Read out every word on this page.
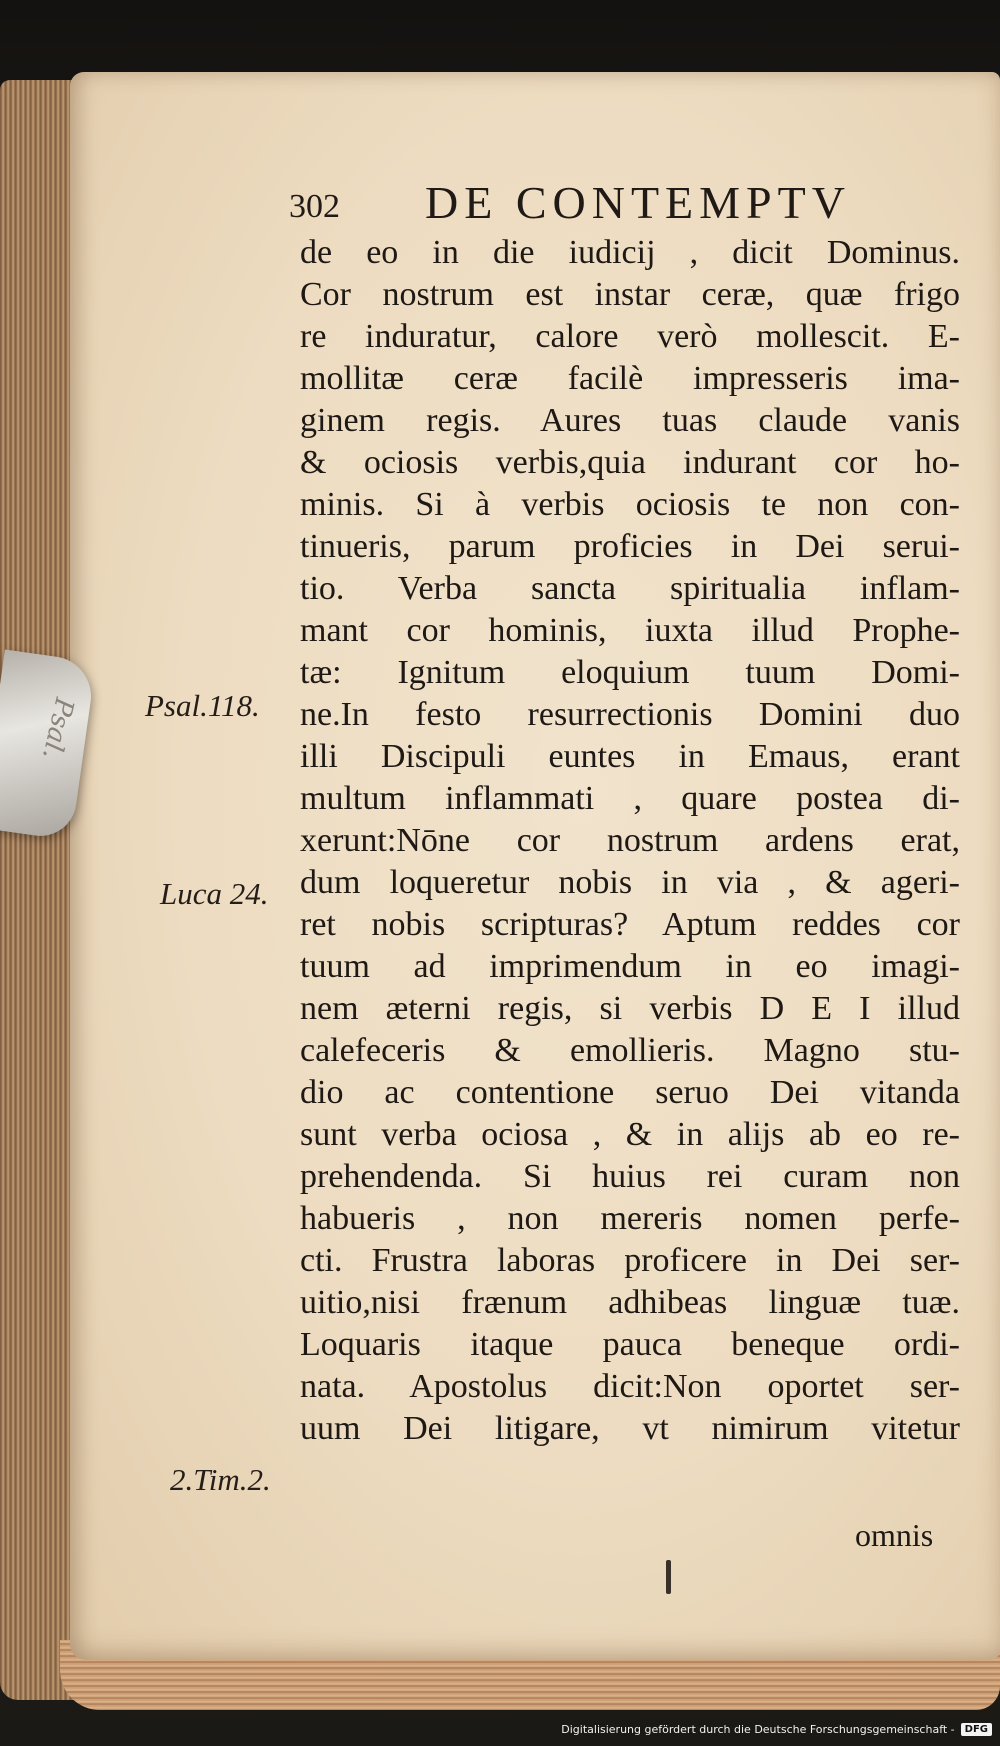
Psal.
302 DE CONTEMPTV
de eo in die iudicij , dicit Dominus.
Cor nostrum est instar ceræ, quæ frigo
re induratur, calore verò mollescit. E-
mollitæ ceræ facilè impresseris ima-
ginem regis. Aures tuas claude vanis
& ociosis verbis,quia indurant cor ho-
minis. Si à verbis ociosis te non con-
tinueris, parum proficies in Dei serui-
tio. Verba sancta spiritualia inflam-
mant cor hominis, iuxta illud Prophe-
tæ: Ignitum eloquium tuum Domi-
ne.In festo resurrectionis Domini duo
illi Discipuli euntes in Emaus, erant
multum inflammati , quare postea di-
xerunt:Nōne cor nostrum ardens erat,
dum loqueretur nobis in via , & ageri-
ret nobis scripturas? Aptum reddes cor
tuum ad imprimendum in eo imagi-
nem æterni regis, si verbis D E I illud
calefeceris & emollieris. Magno stu-
dio ac contentione seruo Dei vitanda
sunt verba ociosa , & in alijs ab eo re-
prehendenda. Si huius rei curam non
habueris , non mereris nomen perfe-
cti. Frustra laboras proficere in Dei ser-
uitio,nisi frænum adhibeas linguæ tuæ.
Loquaris itaque pauca beneque ordi-
nata. Apostolus dicit:Non oportet ser-
uum Dei litigare, vt nimirum vitetur
Psal.118.
Luca 24.
2.Tim.2.
omnis
Digitalisierung gefördert durch die Deutsche Forschungsgemeinschaft -	DFG
